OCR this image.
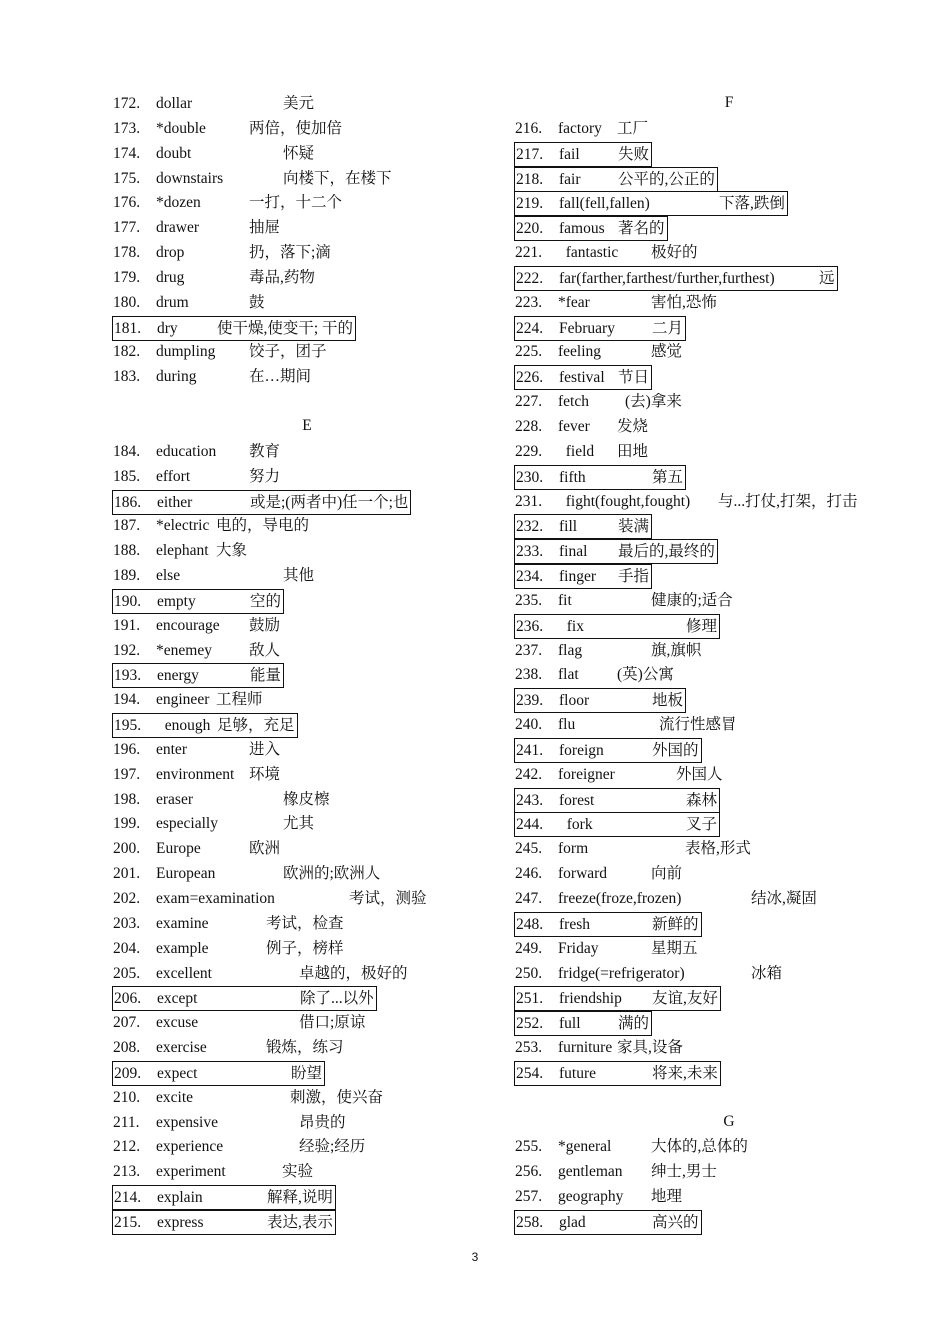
172. dollar	美元
173. *double	两倍，使加倍
174. doubt	怀疑
175. downstairs	向楼下，在楼下
176. *dozen	一打，十二个
177. drawer	抽屉
178. drop	扔，落下;滴
179. drug	毒品,药物
180. drum	鼓
181. dry	使干燥,使变干; 干的
182. dumpling 饺子，团子
183. during	在…期间
E
184. education 教育
185. effort	努力
186. either	或是;(两者中)任一个;也
187. *electric 电的，导电的
188. elephant 大象
189. else	其他
190. empty	空的
191. encourage 鼓励
192. *enemey 敌人
193. energy	能量
194. engineer 工程师
195.  enough 足够，充足
196. enter	进入
197. environment 环境
198. eraser	橡皮檫
199. especially	尤其
200. Europe	欧洲
201. European	欧洲的;欧洲人
202. exam=examination	考试，测验
203. examine	考试，检查
204. example	例子，榜样
205. excellent	卓越的，极好的
206. except	除了...以外
207. excuse	借口;原谅
208. exercise	锻炼，练习
209. expect	盼望
210. excite	刺激，使兴奋
211. expensive	昂贵的
212. experience	经验;经历
213. experiment	实验
214. explain	解释,说明
215. express	表达,表示
F
216. factory 工厂
217. fail 失败
218. fair 公平的,公正的
219. fall(fell,fallen)	下落,跌倒
220. famous 著名的
221.  fantastic 极好的
222. far(farther,farthest/further,furthest)	远
223. *fear	害怕,恐怖
224. February 二月
225. feeling	感觉
226. festival 节日
227. fetch (去)拿来
228. fever 发烧
229.  field 田地
230. fifth	第五
231.  fight(fought,fought) 与...打仗,打架，打击
232. fill	装满
233. final 最后的,最终的
234. finger 手指
235. fit	健康的;适合
236.  fix	修理
237. flag	旗,旗帜
238. flat (英)公寓
239. floor	地板
240. flu	流行性感冒
241. foreign	外国的
242. foreigner	外国人
243. forest	森林
244.  fork	叉子
245. form	表格,形式
246. forward	向前
247. freeze(froze,frozen)	结冰,凝固
248. fresh	新鲜的
249. Friday	星期五
250. fridge(=refrigerator)	冰箱
251. friendship 友谊,友好
252. full 满的
253. furniture 家具,设备
254. future	将来,未来
G
255. *general	大体的,总体的
256. gentleman 绅士,男士
257. geography 地理
258. glad	高兴的
3
